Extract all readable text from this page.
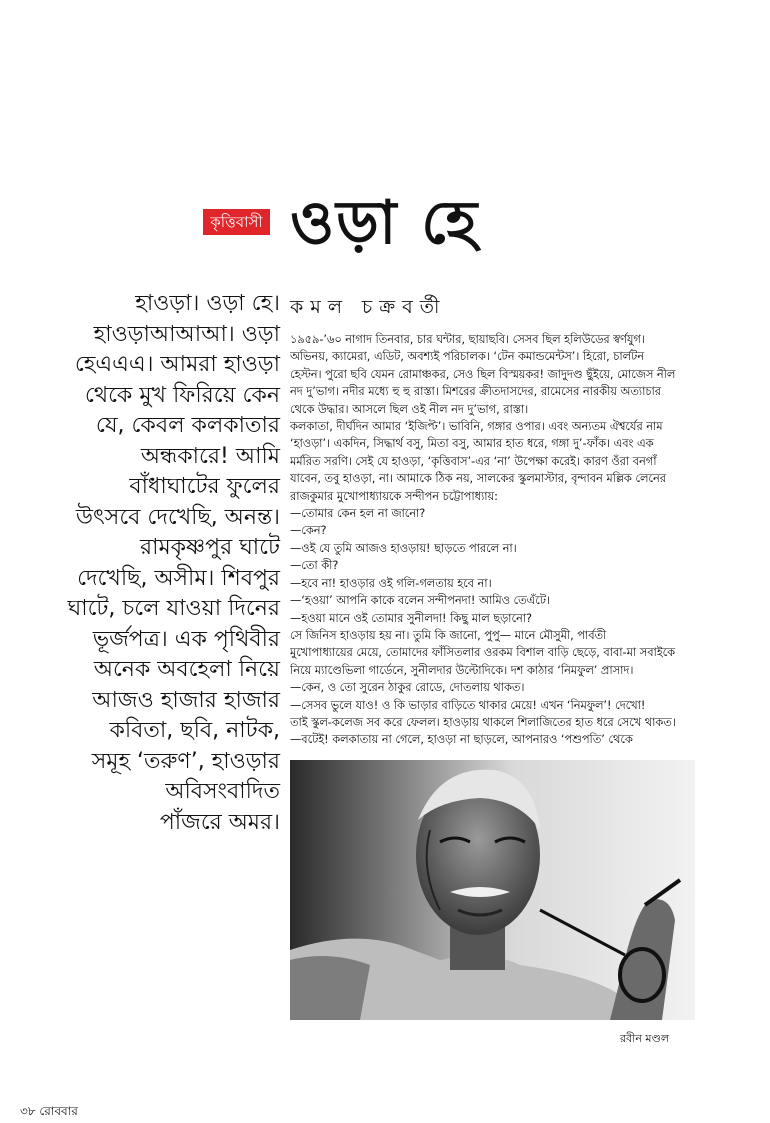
কৃত্তিবাসী ওড়া হে
কমল চক্রবর্তী
হাওড়া। ওড়া হে।
হাওড়াআআআ। ওড়া
হেএএএ। আমরা হাওড়া
থেকে মুখ ফিরিয়ে কেন
যে, কেবল কলকাতার
অন্ধকারে! আমি
বাঁধাঘাটের ফুলের
উৎসবে দেখেছি, অনন্ত।
রামকৃষ্ণপুর ঘাটে
দেখেছি, অসীম। শিবপুর
ঘাটে, চলে যাওয়া দিনের
ভূর্জপত্র। এক পৃথিবীর
অনেক অবহেলা নিয়ে
আজও হাজার হাজার
কবিতা, ছবি, নাটক,
সমূহ ‘তরুণ’, হাওড়ার
অবিসংবাদিত
পাঁজরে অমর।
১৯৫৯-’৬০ নাগাদ তিনবার, চার ঘন্টার, ছায়াছবি। সেসব ছিল হলিউডের স্বর্ণযুগ।
অভিনয়, ক্যামেরা, এডিট, অবশ্যই পরিচালক। ‘টেন কমান্ডমেন্টস’। হিরো, চার্লটন
হেস্টন। পুরো ছবি যেমন রোমাঞ্চকর, সেও ছিল বিস্ময়কর! জাদুদণ্ড ছুঁইয়ে, মোজেস নীল
নদ দু’ভাগ। নদীর মধ্যে হু হু রাস্তা। মিশরের ক্রীতদাসদের, রামেসের নারকীয় অত্যাচার
থেকে উদ্ধার। আসলে ছিল ওই নীল নদ দু’ভাগ, রাস্তা।
কলকাতা, দীর্ঘদিন আমার ‘ইজিপ্ট’। ভাবিনি, গঙ্গার ওপার। এবং অন্যতম ঐশ্বর্যের নাম
‘হাওড়া’। একদিন, সিদ্ধার্থ বসু, মিতা বসু, আমার হাত ধরে, গঙ্গা দু’-ফাঁক। এবং এক
মর্মরিত সরণি। সেই যে হাওড়া, ‘কৃত্তিবাস’-এর ‘না’ উপেক্ষা করেই। কারণ ওঁরা বনগাঁ
যাবেন, তবু হাওড়া, না। আমাকে ঠিক নয়, সালকের স্কুলমাস্টার, বৃন্দাবন মল্লিক লেনের
রাজকুমার মুখোপাধ্যায়কে সন্দীপন চট্টোপাধ্যায়:
—তোমার কেন হল না জানো?
—কেন?
—ওই যে তুমি আজও হাওড়ায়! ছাড়তে পারলে না।
—তো কী?
—হবে না! হাওড়ার ওই গলি-গলতায় হবে না।
—‘হওয়া’ আপনি কাকে বলেন সন্দীপনদা! আমিও তেএঁটে।
—হওয়া মানে ওই তোমার সুনীলদা! কিছু মাল ছড়ানো?
সে জিনিস হাওড়ায় হয় না। তুমি কি জানো, পুপু— মানে মৌসুমী, পার্বতী
মুখোপাধ্যায়ের মেয়ে, তোমাদের ফাঁসিতলার ওরকম বিশাল বাড়ি ছেড়ে, বাবা-মা সবাইকে
নিয়ে ম্যাণ্ডেভিলা গার্ডেনে, সুনীলদার উল্টোদিকে। দশ কাঠার ‘নিমফুল’ প্রাসাদ।
—কেন, ও তো সুরেন ঠাকুর রোডে, দোতলায় থাকত।
—সেসব ভুলে যাও! ও কি ভাড়ার বাড়িতে থাকার মেয়ে! এখন ‘নিমফুল’! দেখো!
তাই স্কুল-কলেজ সব করে ফেলল। হাওড়ায় থাকলে শিলাজিতের হাত ধরে সেখে থাকত।
—বটেই! কলকাতায় না গেলে, হাওড়া না ছাড়লে, আপনারও ‘পশুপতি’ থেকে
রবীন মণ্ডল
৩৮ রোববার
